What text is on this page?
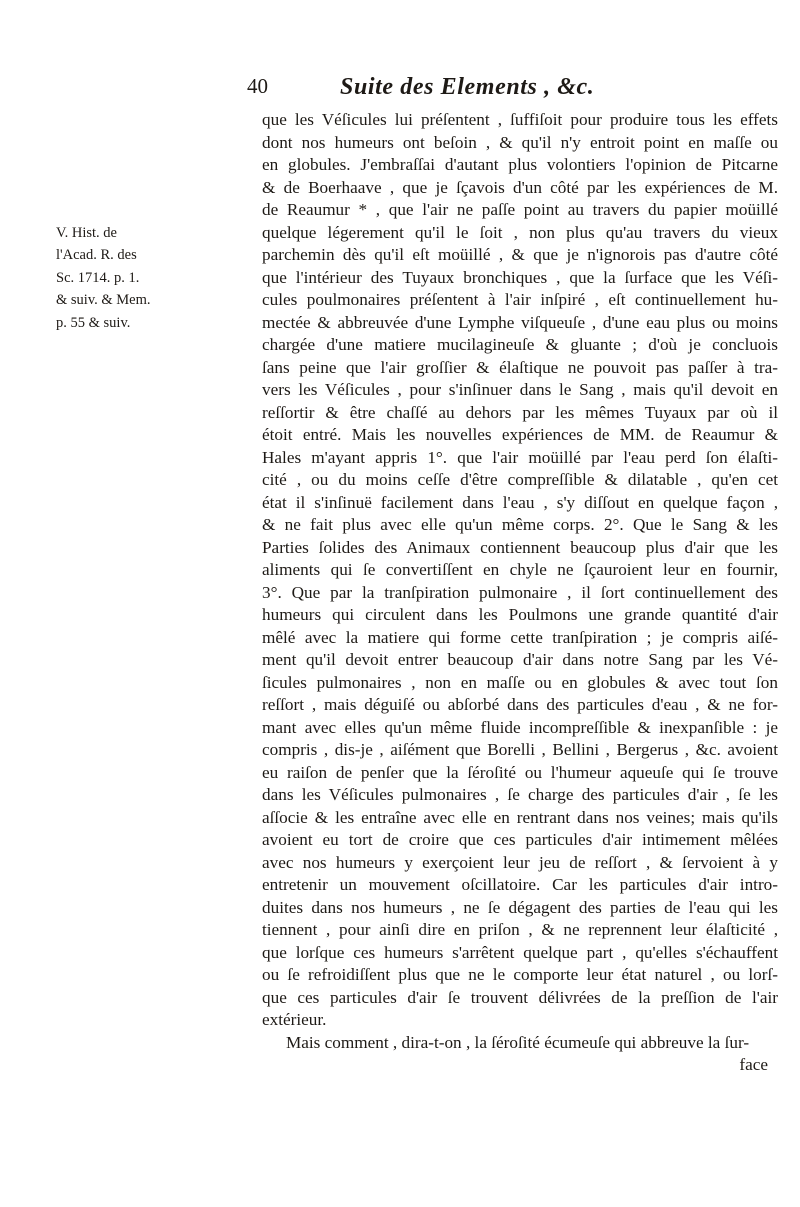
40	Suite des Elements , &c.
V. Hist. de
l'Acad. R. des
Sc. 1714. p. 1.
& suiv. & Mem.
p. 55 & suiv.
que les Véſicules lui préſentent , ſuffiſoit pour produire tous les effets
dont nos humeurs ont beſoin , & qu'il n'y entroit point en maſſe ou
en globules. J'embraſſai d'autant plus volontiers l'opinion de Pitcarne
& de Boerhaave , que je ſçavois d'un côté par les expériences de M.
de Reaumur * , que l'air ne paſſe point au travers du papier moüillé
quelque légerement qu'il le ſoit , non plus qu'au travers du vieux
parchemin dès qu'il eſt moüillé , & que je n'ignorois pas d'autre côté
que l'intérieur des Tuyaux bronchiques , que la ſurface que les Véſi-
cules poulmonaires préſentent à l'air inſpiré , eſt continuellement hu-
mectée & abbreuvée d'une Lymphe viſqueuſe , d'une eau plus ou moins
chargée d'une matiere mucilagineuſe & gluante ; d'où je concluois
ſans peine que l'air groſſier & élaſtique ne pouvoit pas paſſer à tra-
vers les Véſicules , pour s'inſinuer dans le Sang , mais qu'il devoit en
reſſortir & être chaſſé au dehors par les mêmes Tuyaux par où il
étoit entré. Mais les nouvelles expériences de MM. de Reaumur &
Hales m'ayant appris 1°. que l'air moüillé par l'eau perd ſon élaſti-
cité , ou du moins ceſſe d'être compreſſible & dilatable , qu'en cet
état il s'inſinuë facilement dans l'eau , s'y diſſout en quelque façon ,
& ne fait plus avec elle qu'un même corps. 2°. Que le Sang & les
Parties ſolides des Animaux contiennent beaucoup plus d'air que les
aliments qui ſe convertiſſent en chyle ne ſçauroient leur en fournir,
3°. Que par la tranſpiration pulmonaire , il ſort continuellement des
humeurs qui circulent dans les Poulmons une grande quantité d'air
mêlé avec la matiere qui forme cette tranſpiration ; je compris aiſé-
ment qu'il devoit entrer beaucoup d'air dans notre Sang par les Vé-
ſicules pulmonaires , non en maſſe ou en globules & avec tout ſon
reſſort , mais déguiſé ou abſorbé dans des particules d'eau , & ne for-
mant avec elles qu'un même fluide incompreſſible & inexpanſible : je
compris , dis-je , aiſément que Borelli , Bellini , Bergerus , &c. avoient
eu raiſon de penſer que la ſéroſité ou l'humeur aqueuſe qui ſe trouve
dans les Véſicules pulmonaires , ſe charge des particules d'air , ſe les
aſſocie & les entraîne avec elle en rentrant dans nos veines; mais qu'ils
avoient eu tort de croire que ces particules d'air intimement mêlées
avec nos humeurs y exerçoient leur jeu de reſſort , & ſervoient à y
entretenir un mouvement oſcillatoire. Car les particules d'air intro-
duites dans nos humeurs , ne ſe dégagent des parties de l'eau qui les
tiennent , pour ainſi dire en priſon , & ne reprennent leur élaſticité ,
que lorſque ces humeurs s'arrêtent quelque part , qu'elles s'échauffent
ou ſe refroidiſſent plus que ne le comporte leur état naturel , ou lorſ-
que ces particules d'air ſe trouvent délivrées de la preſſion de l'air
extérieur.
Mais comment , dira-t-on , la ſéroſité écumeuſe qui abbreuve la ſur-
face
